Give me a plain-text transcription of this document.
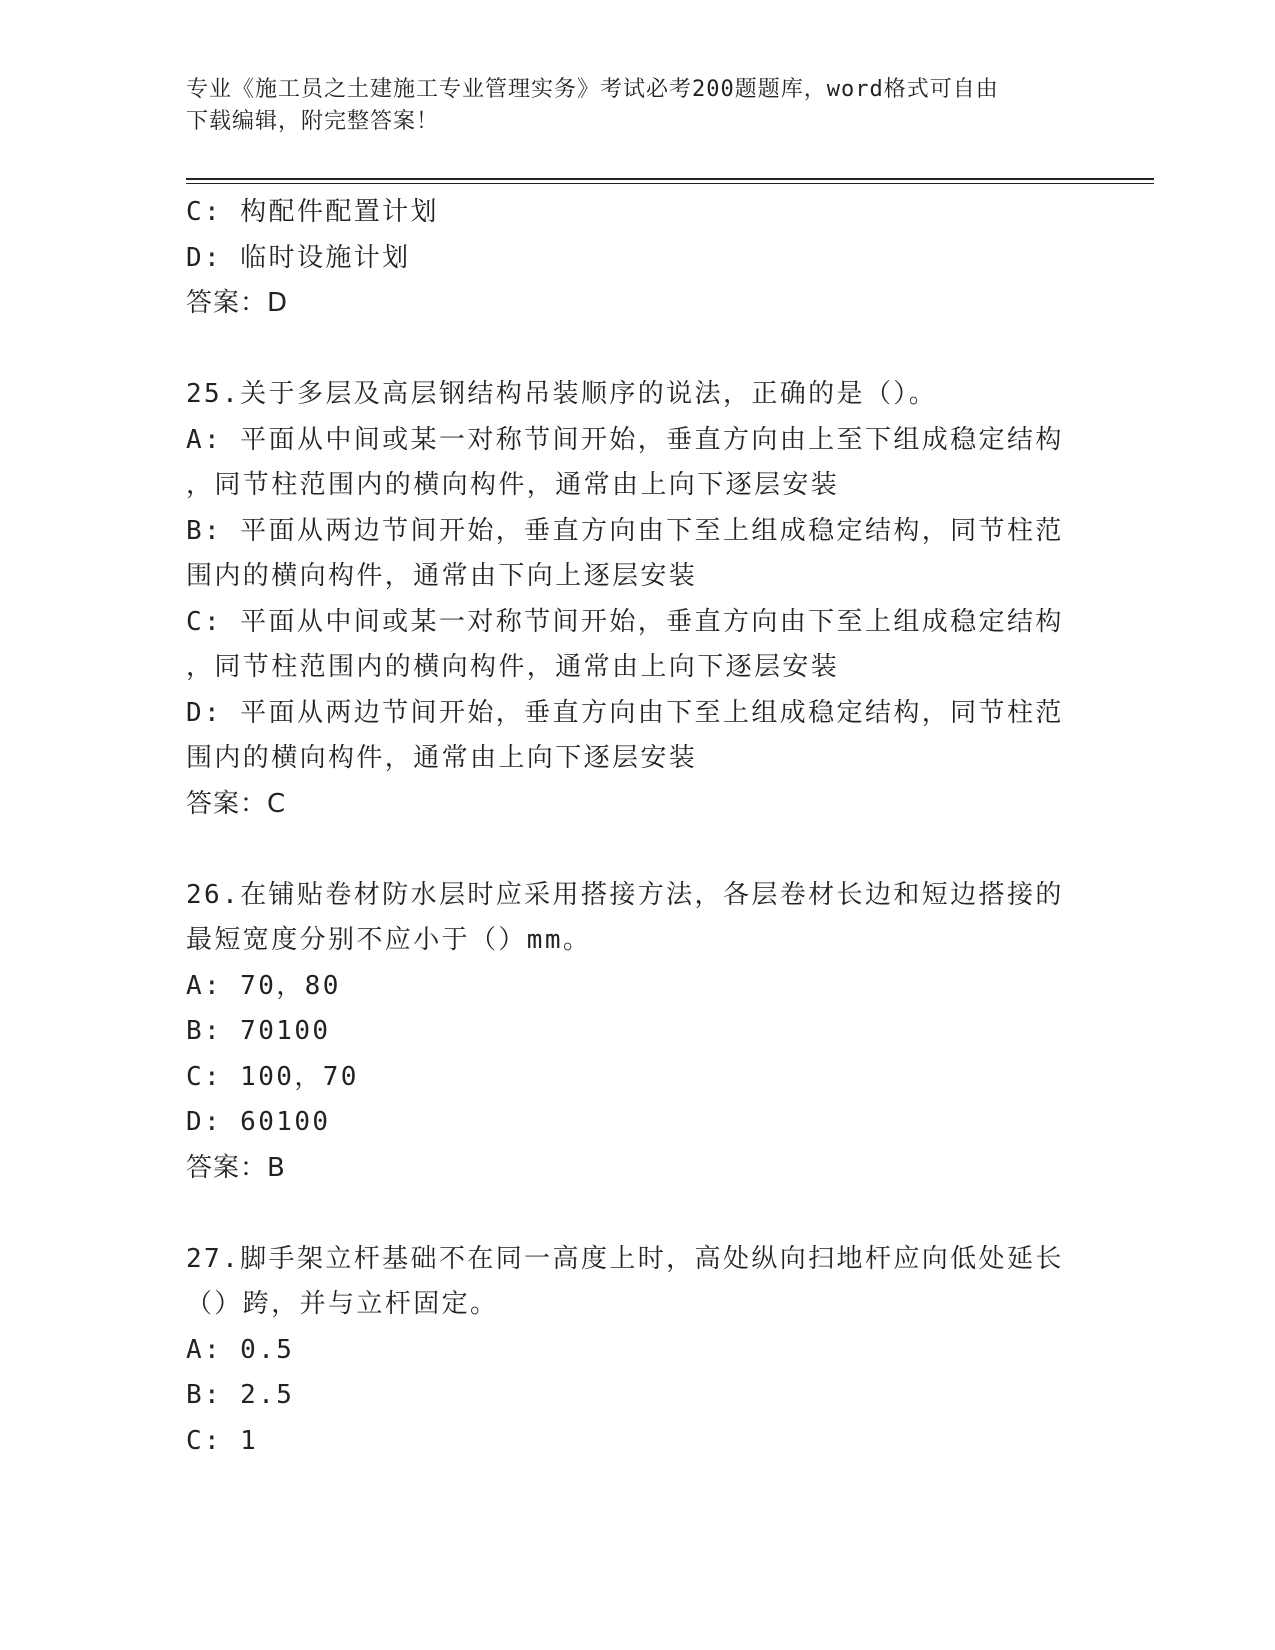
专业《施工员之土建施工专业管理实务》考试必考200题题库，word格式可自由
下载编辑，附完整答案！
C: 构配件配置计划
D: 临时设施计划
答案：D
25.关于多层及高层钢结构吊装顺序的说法，正确的是（）。
A: 平面从中间或某一对称节间开始，垂直方向由上至下组成稳定结构
，同节柱范围内的横向构件，通常由上向下逐层安装
B: 平面从两边节间开始，垂直方向由下至上组成稳定结构，同节柱范
围内的横向构件，通常由下向上逐层安装
C: 平面从中间或某一对称节间开始，垂直方向由下至上组成稳定结构
，同节柱范围内的横向构件，通常由上向下逐层安装
D: 平面从两边节间开始，垂直方向由下至上组成稳定结构，同节柱范
围内的横向构件，通常由上向下逐层安装
答案：C
26.在铺贴卷材防水层时应采用搭接方法，各层卷材长边和短边搭接的
最短宽度分别不应小于（）mm。
A: 70，80
B: 70100
C: 100，70
D: 60100
答案：B
27.脚手架立杆基础不在同一高度上时，高处纵向扫地杆应向低处延长
（）跨，并与立杆固定。
A: 0.5
B: 2.5
C: 1
